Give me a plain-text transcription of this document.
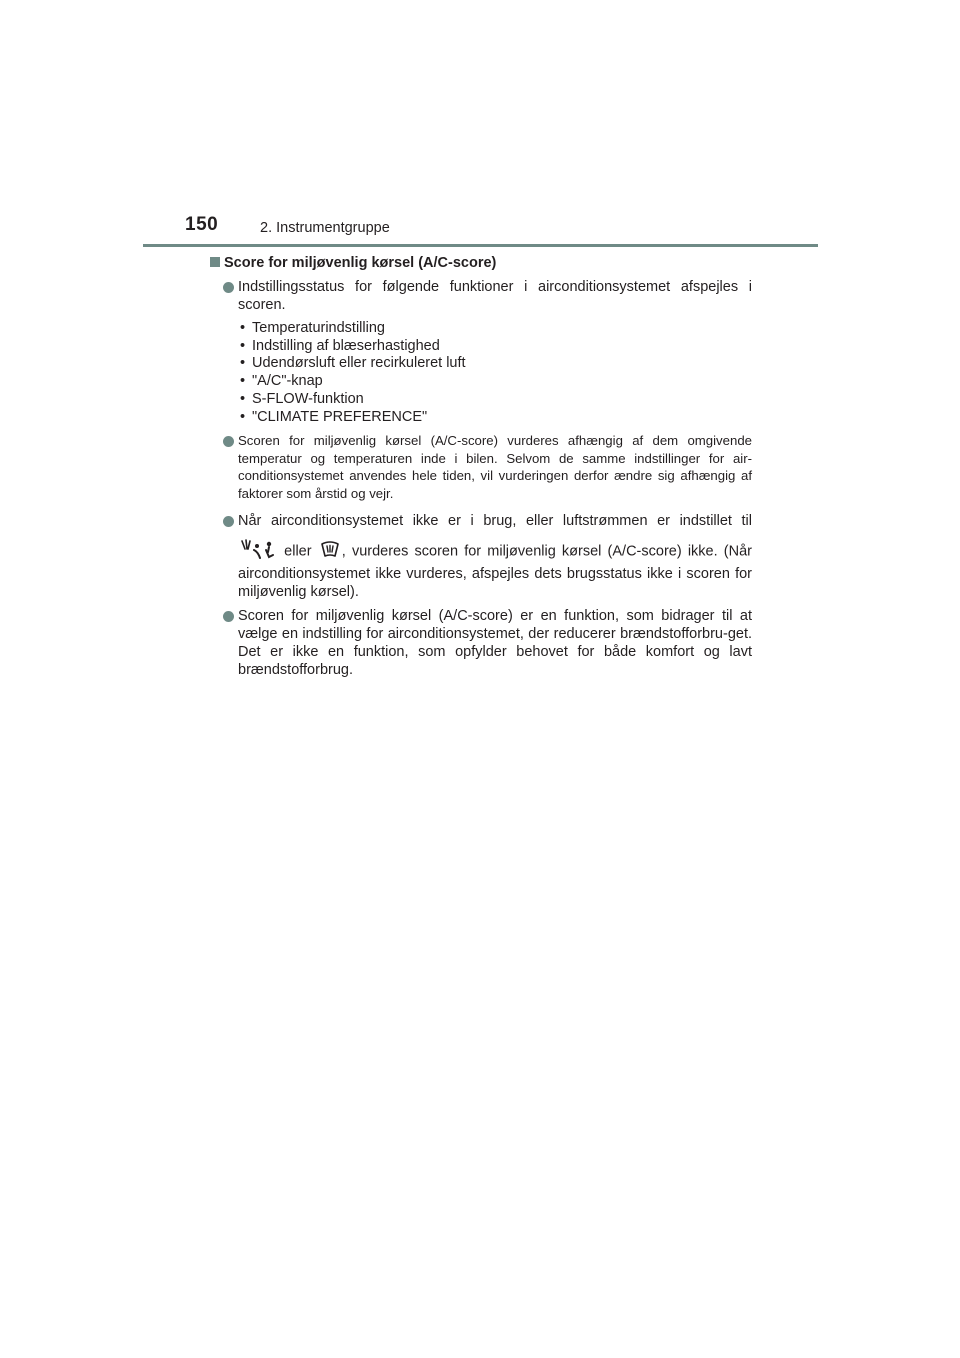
150	2. Instrumentgruppe
Score for miljøvenlig kørsel (A/C-score)
Indstillingsstatus for følgende funktioner i airconditionsystemet afspejles i scoren.
• Temperaturindstilling
• Indstilling af blæserhastighed
• Udendørsluft eller recirkuleret luft
• "A/C"-knap
• S-FLOW-funktion
• "CLIMATE PREFERENCE"
Scoren for miljøvenlig kørsel (A/C-score) vurderes afhængig af dem omgivende temperatur og temperaturen inde i bilen. Selvom de samme indstillinger for air-conditionsystemet anvendes hele tiden, vil vurderingen derfor ændre sig afhængig af faktorer som årstid og vejr.
Når airconditionsystemet ikke er i brug, eller luftstrømmen er indstillet til
eller , vurderes scoren for miljøvenlig kørsel (A/C-score) ikke. (Når airconditionsystemet ikke vurderes, afspejles dets brugsstatus ikke i scoren for miljøvenlig kørsel).
Scoren for miljøvenlig kørsel (A/C-score) er en funktion, som bidrager til at vælge en indstilling for airconditionsystemet, der reducerer brændstofforbru-get. Det er ikke en funktion, som opfylder behovet for både komfort og lavt brændstofforbrug.
